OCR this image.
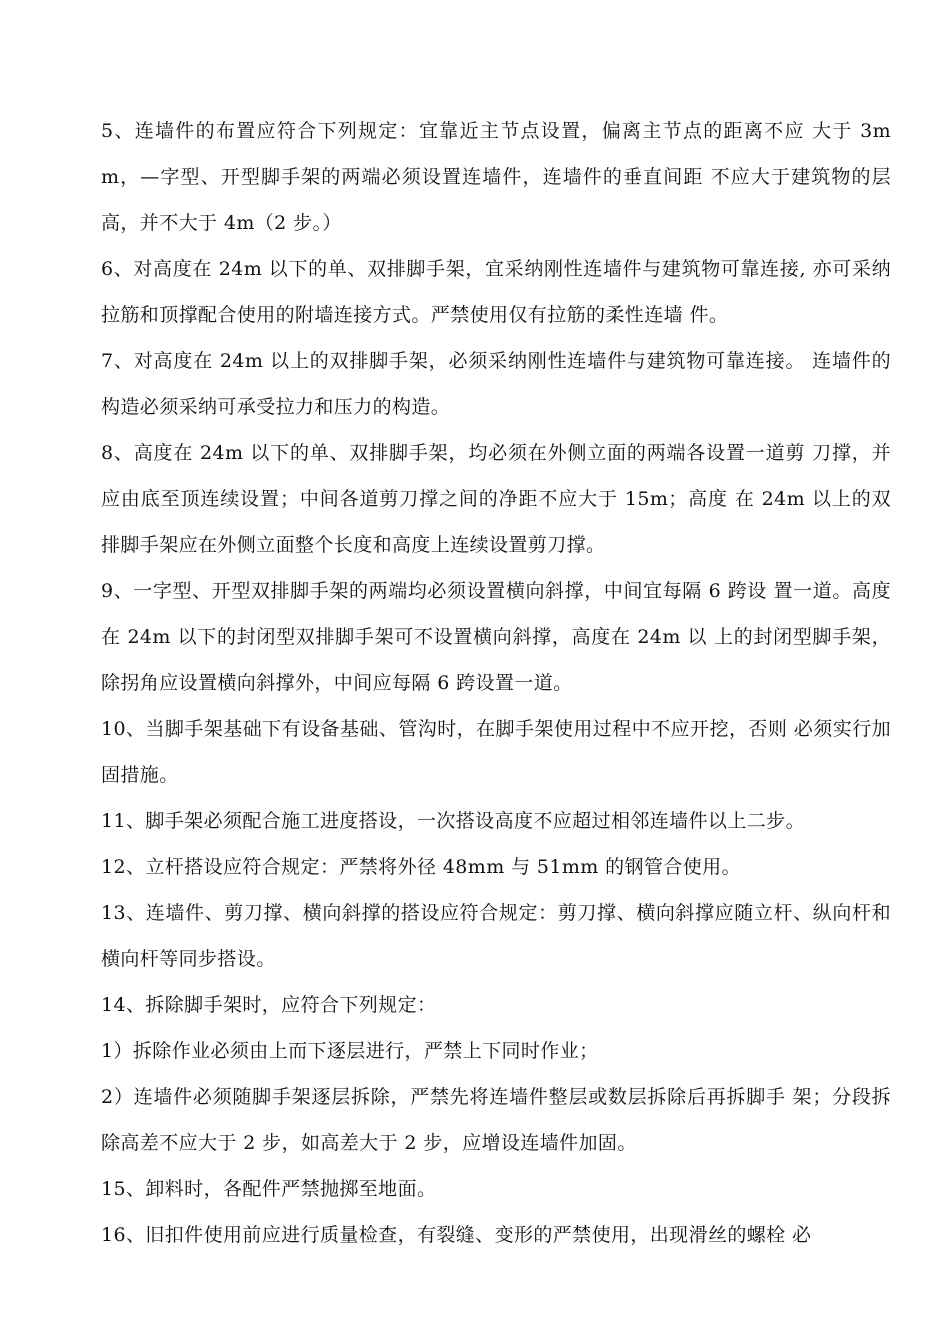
5、连墙件的布置应符合下列规定：宜靠近主节点设置，偏离主节点的距离不应 大于 3mm，—字型、开型脚手架的两端必须设置连墙件，连墙件的垂直间距 不应大于建筑物的层高，并不大于 4m（2 步。）

6、对高度在 24m 以下的单、双排脚手架，宜采纳刚性连墙件与建筑物可靠连接, 亦可采纳拉筋和顶撑配合使用的附墙连接方式。严禁使用仅有拉筋的柔性连墙 件。

7、对高度在 24m 以上的双排脚手架，必须采纳刚性连墙件与建筑物可靠连接。 连墙件的构造必须采纳可承受拉力和压力的构造。

8、高度在 24m 以下的单、双排脚手架，均必须在外侧立面的两端各设置一道剪 刀撑，并应由底至顶连续设置；中间各道剪刀撑之间的净距不应大于 15m；高度 在 24m 以上的双排脚手架应在外侧立面整个长度和高度上连续设置剪刀撑。

9、一字型、开型双排脚手架的两端均必须设置横向斜撑，中间宜每隔 6 跨设 置一道。高度在 24m 以下的封闭型双排脚手架可不设置横向斜撑，高度在 24m 以 上的封闭型脚手架，除拐角应设置横向斜撑外，中间应每隔 6 跨设置一道。

10、当脚手架基础下有设备基础、管沟时，在脚手架使用过程中不应开挖，否则 必须实行加固措施。

11、脚手架必须配合施工进度搭设，一次搭设高度不应超过相邻连墙件以上二步。

12、立杆搭设应符合规定：严禁将外径 48mm 与 51mm 的钢管合使用。

13、连墙件、剪刀撑、横向斜撑的搭设应符合规定：剪刀撑、横向斜撑应随立杆、纵向杆和横向杆等同步搭设。

14、拆除脚手架时，应符合下列规定：

1）拆除作业必须由上而下逐层进行，严禁上下同时作业；

2）连墙件必须随脚手架逐层拆除，严禁先将连墙件整层或数层拆除后再拆脚手 架；分段拆除高差不应大于 2 步，如高差大于 2 步，应增设连墙件加固。

15、卸料时，各配件严禁抛掷至地面。

16、旧扣件使用前应进行质量检查，有裂缝、变形的严禁使用，出现滑丝的螺栓 必
